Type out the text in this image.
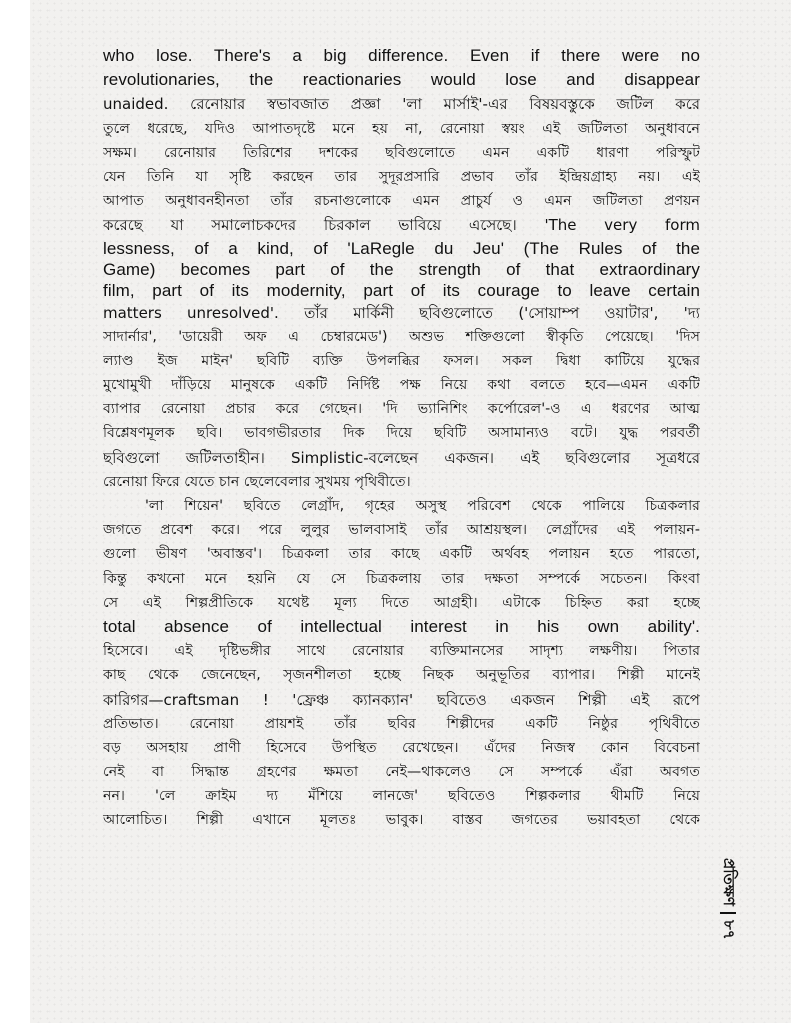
who lose. There's a big difference. Even if there were no
revolutionaries, the reactionaries would lose and disappear
unaided. রেনোয়ার স্বভাবজাত প্রজ্ঞা 'লা মার্সাই'-এর বিষয়বস্তুকে জটিল করে
তুলে ধরেছে, যদিও আপাতদৃষ্টে মনে হয় না, রেনোয়া স্বয়ং এই জটিলতা অনুধাবনে
সক্ষম। রেনোয়ার তিরিশের দশকের ছবিগুলোতে এমন একটি ধারণা পরিস্ফুট
যেন তিনি যা সৃষ্টি করছেন তার সুদূরপ্রসারি প্রভাব তাঁর ইন্দ্রিয়গ্রাহ্য নয়। এই
আপাত অনুধাবনহীনতা তাঁর রচনাগুলোকে এমন প্রাচুর্য ও এমন জটিলতা প্রণয়ন
করেছে যা সমালোচকদের চিরকাল ভাবিয়ে এসেছে। 'The very form
lessness, of a kind, of 'LaRegle du Jeu' (The Rules of the
Game) becomes part of the strength of that extraordinary
film, part of its modernity, part of its courage to leave certain
matters unresolved'. তাঁর মার্কিনী ছবিগুলোতে ('সোয়াম্প ওয়াটার', 'দ্য
সাদার্নার', 'ডায়েরী অফ এ চেম্বারমেড') অশুভ শক্তিগুলো স্বীকৃতি পেয়েছে। 'দিস
ল্যাণ্ড ইজ মাইন' ছবিটি ব্যক্তি উপলব্ধির ফসল। সকল দ্বিধা কাটিয়ে যুদ্ধের
মুখোমুখী দাঁড়িয়ে মানুষকে একটি নির্দিষ্ট পক্ষ নিয়ে কথা বলতে হবে—এমন একটি
ব্যাপার রেনোয়া প্রচার করে গেছেন। 'দি ভ্যানিশিং কর্পোরেল'-ও এ ধরণের আত্ম
বিশ্লেষণমূলক ছবি। ভাবগভীরতার দিক দিয়ে ছবিটি অসামান্যও বটে। যুদ্ধ পরবর্তী
ছবিগুলো জটিলতাহীন। Simplistic-বলেছেন একজন। এই ছবিগুলোর সূত্রধরে
রেনোয়া ফিরে যেতে চান ছেলেবেলার সুখময় পৃথিবীতে।
'লা শিয়েন' ছবিতে লেগ্রাঁদ, গৃহের অসুস্থ পরিবেশ থেকে পালিয়ে চিত্রকলার
জগতে প্রবেশ করে। পরে লুলুর ভালবাসাই তাঁর আশ্রয়স্থল। লেগ্রাঁদের এই পলায়ন-
গুলো ভীষণ 'অবাস্তব'। চিত্রকলা তার কাছে একটি অর্থবহ পলায়ন হতে পারতো,
কিন্তু কখনো মনে হয়নি যে সে চিত্রকলায় তার দক্ষতা সম্পর্কে সচেতন। কিংবা
সে এই শিল্পপ্রীতিকে যথেষ্ট মূল্য দিতে আগ্রহী। এটাকে চিহ্নিত করা হচ্ছে
total absence of intellectual interest in his own ability'.
হিসেবে। এই দৃষ্টিভঙ্গীর সাথে রেনোয়ার ব্যক্তিমানসের সাদৃশ্য লক্ষণীয়। পিতার
কাছ থেকে জেনেছেন, সৃজনশীলতা হচ্ছে নিছক অনুভূতির ব্যাপার। শিল্পী মানেই
কারিগর—craftsman ! 'ফ্রেঞ্চ ক্যানক্যান' ছবিতেও একজন শিল্পী এই রূপে
প্রতিভাত। রেনোয়া প্রায়শই তাঁর ছবির শিল্পীদের একটি নিষ্ঠুর পৃথিবীতে
বড় অসহায় প্রাণী হিসেবে উপস্থিত রেখেছেন। এঁদের নিজস্ব কোন বিবেচনা
নেই বা সিদ্ধান্ত গ্রহণের ক্ষমতা নেই—থাকলেও সে সম্পর্কে এঁরা অবগত
নন। 'লে ক্রাইম দ্য মঁশিয়ে লানজে' ছবিতেও শিল্পকলার থীমটি নিয়ে
আলোচিত। শিল্পী এখানে মূলতঃ ভাবুক। বাস্তব জগতের ভয়াবহতা থেকে
প্রতিক্ষণ৮৭
